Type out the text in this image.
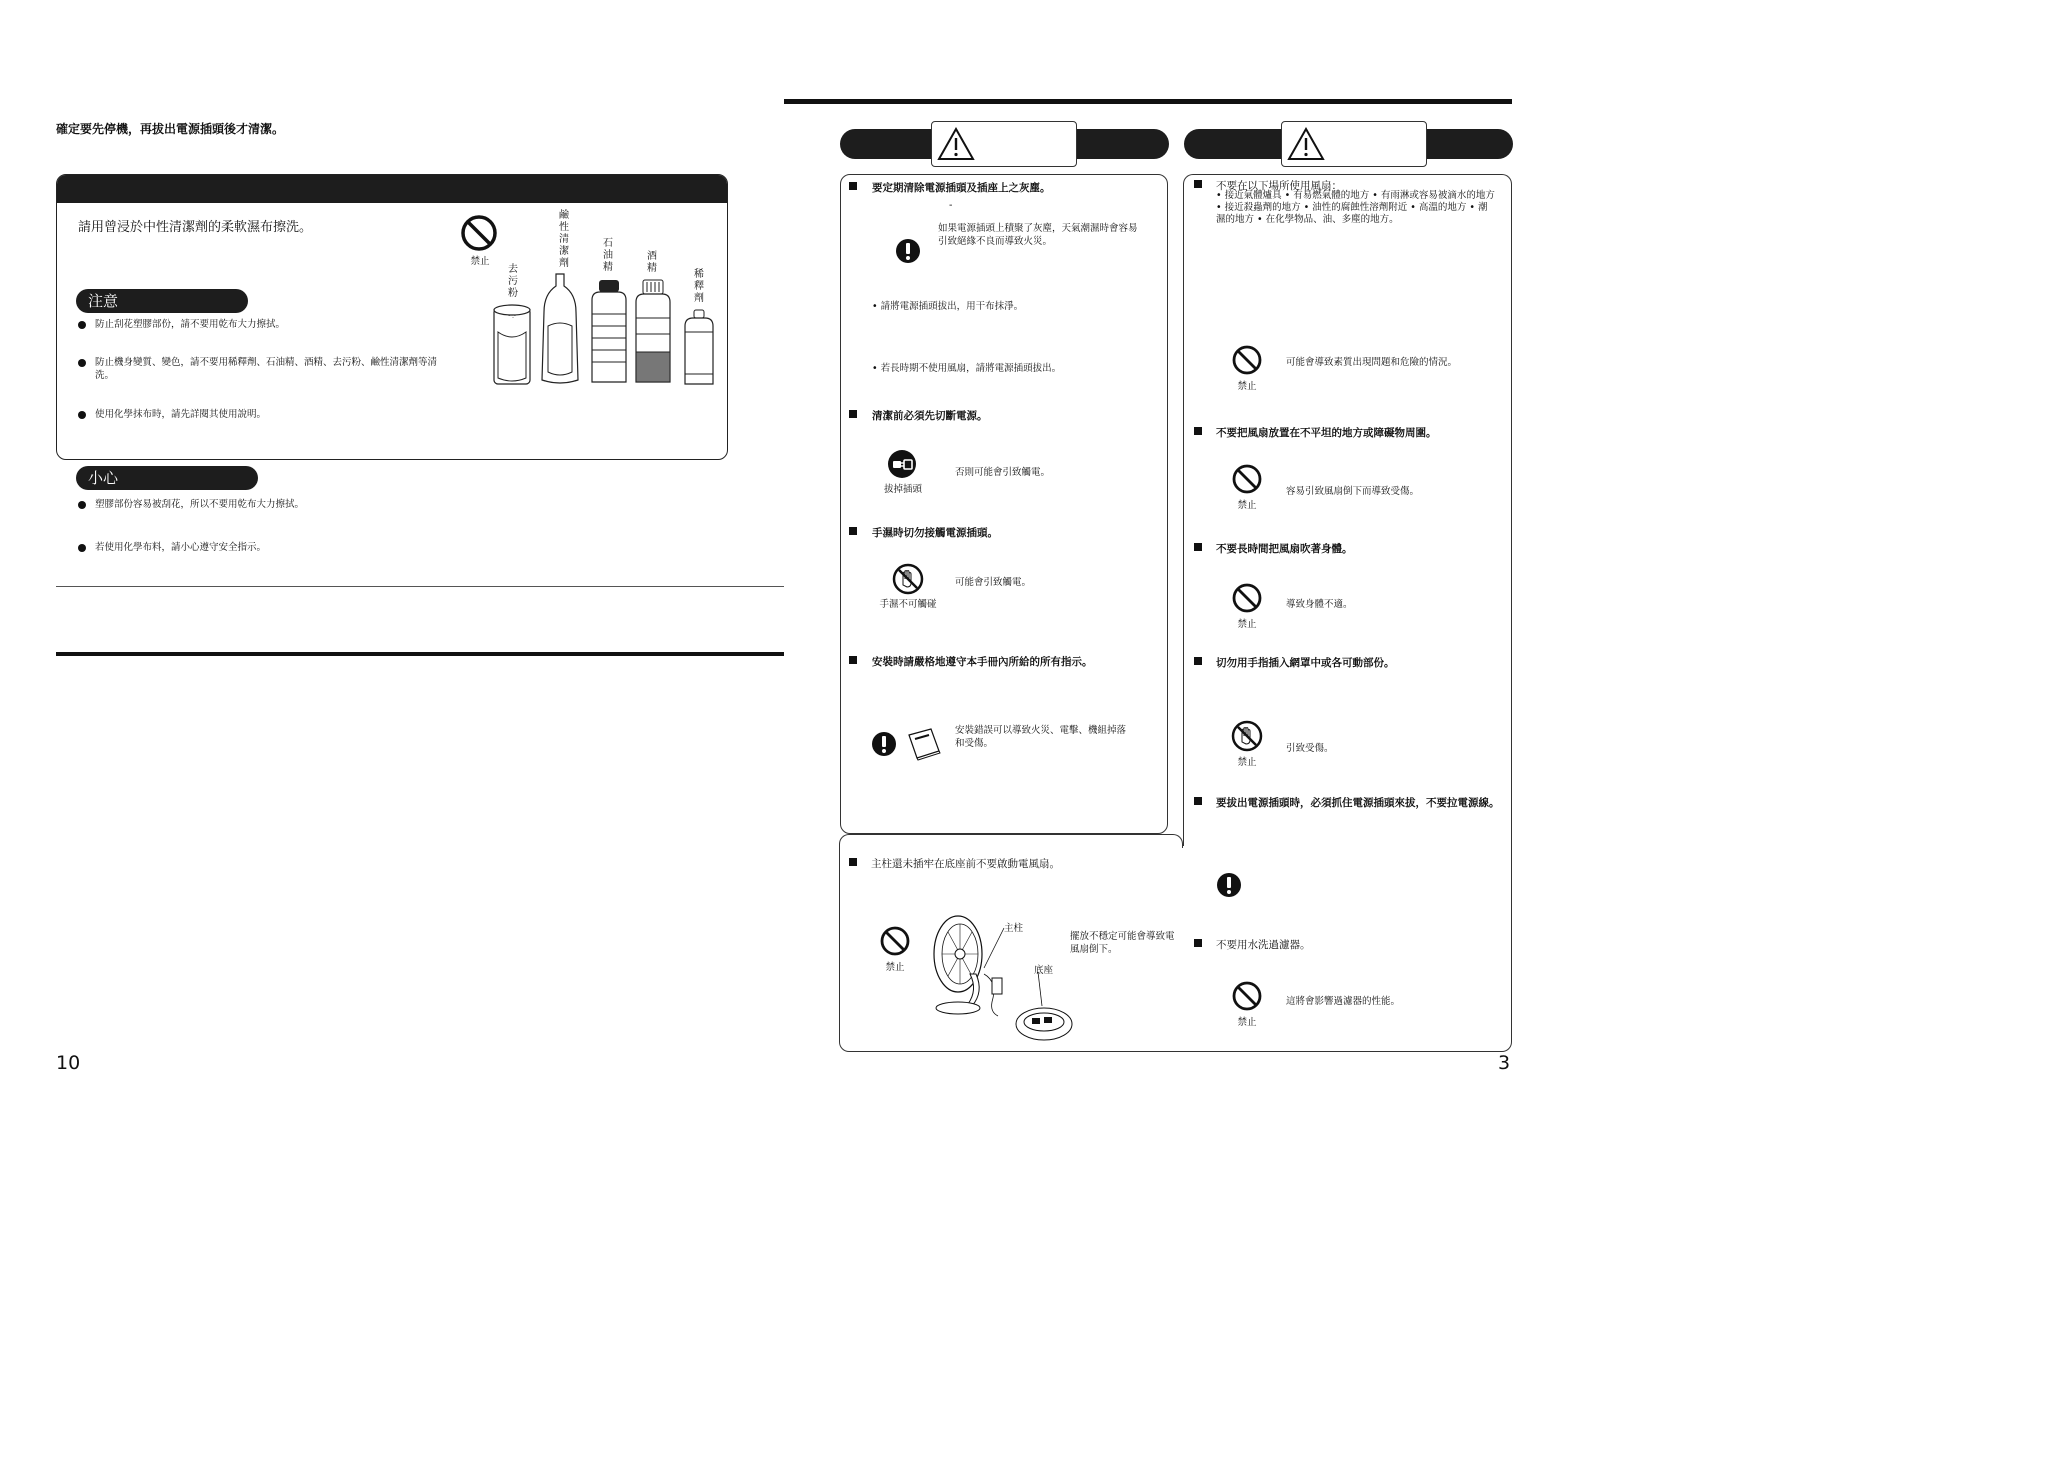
確定要先停機，再拔出電源插頭後才清潔。
請用曾浸於中性清潔劑的柔軟濕布擦洗。
禁止
去污粉
鹼性清潔劑
石油精
酒精
稀釋劑
· :·
注意
防止刮花塑膠部份，請不要用乾布大力擦拭。
防止機身變質、變色，請不要用稀釋劑、石油精、酒精、去污粉、鹼性清潔劑等清洗。
使用化學抹布時，請先詳閱其使用說明。
小心
塑膠部份容易被刮花，所以不要用乾布大力擦拭。
若使用化學布料，請小心遵守安全指示。
10
要定期清除電源插頭及插座上之灰塵。
-
如果電源插頭上積聚了灰塵，天氣潮濕時會容易引致絕緣不良而導致火災。
• 請將電源插頭拔出，用干布抹淨。
• 若長時期不使用風扇，請將電源插頭拔出。
清潔前必須先切斷電源。
拔掉插頭
否則可能會引致觸電。
手濕時切勿接觸電源插頭。
手濕不可觸碰
可能會引致觸電。
安裝時請嚴格地遵守本手冊內所給的所有指示。
安裝錯誤可以導致火災、電擊、機組掉落和受傷。
主柱還未插牢在底座前不要啟動電風扇。
禁止
主柱
底座
擺放不穩定可能會導致電風扇倒下。
不要在以下場所使用風扇：
• 接近氣體爐具 • 有易燃氣體的地方 • 有雨淋或容易被滴水的地方 • 接近殺蟲劑的地方 • 油性的腐蝕性溶劑附近 • 高溫的地方 • 潮濕的地方 • 在化學物品、油、多塵的地方。
禁止
可能會導致素質出現問題和危險的情況。
不要把風扇放置在不平坦的地方或障礙物周圍。
禁止
容易引致風扇倒下而導致受傷。
不要長時間把風扇吹著身體。
禁止
導致身體不適。
切勿用手指插入網罩中或各可動部份。
禁止
引致受傷。
要拔出電源插頭時，必須抓住電源插頭來拔，不要拉電源線。
不要用水洗過濾器。
禁止
這將會影響過濾器的性能。
3
